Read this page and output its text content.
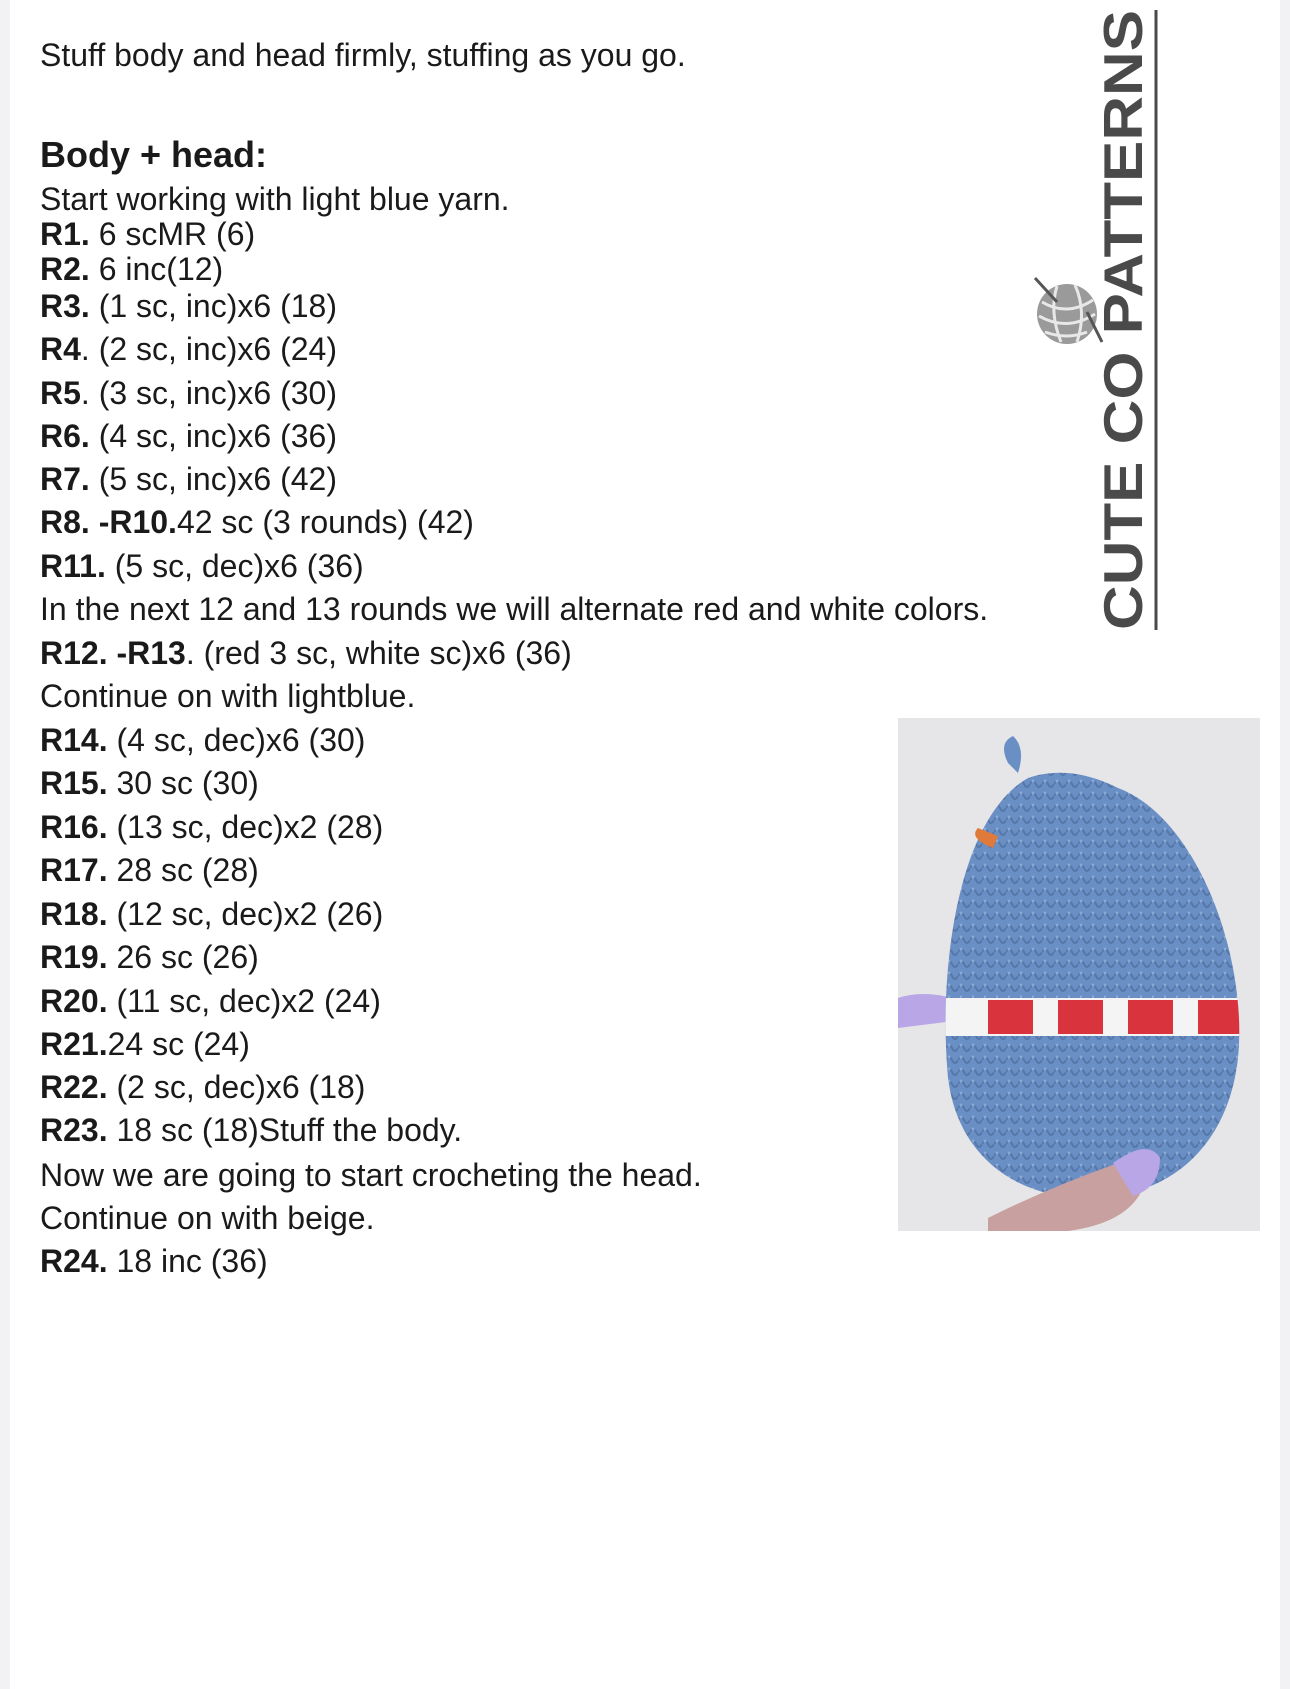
Stuff body and head firmly, stuffing as you go.
Body + head:
Start working with light blue yarn.
R1. 6 scMR (6)
R2. 6 inc(12)
R3. (1 sc, inc)x6 (18)
R4. (2 sc, inc)x6 (24)
R5. (3 sc, inc)x6 (30)
R6. (4 sc, inc)x6 (36)
R7. (5 sc, inc)x6 (42)
R8. -R10.42 sc (3 rounds) (42)
R11. (5 sc, dec)x6 (36)
In the next 12 and 13 rounds we will alternate red and white colors.
R12. -R13. (red 3 sc, white sc)x6 (36)
Continue on with lightblue.
R14. (4 sc, dec)x6 (30)
R15. 30 sc (30)
R16. (13 sc, dec)x2 (28)
R17. 28 sc (28)
R18. (12 sc, dec)x2 (26)
R19. 26 sc (26)
R20. (11 sc, dec)x2 (24)
R21.24 sc (24)
R22. (2 sc, dec)x6 (18)
R23. 18 sc (18)Stuff the body.
Now we are going to start crocheting the head.
Continue on with beige.
R24. 18 inc (36)
CUTE CO PATTERNS
